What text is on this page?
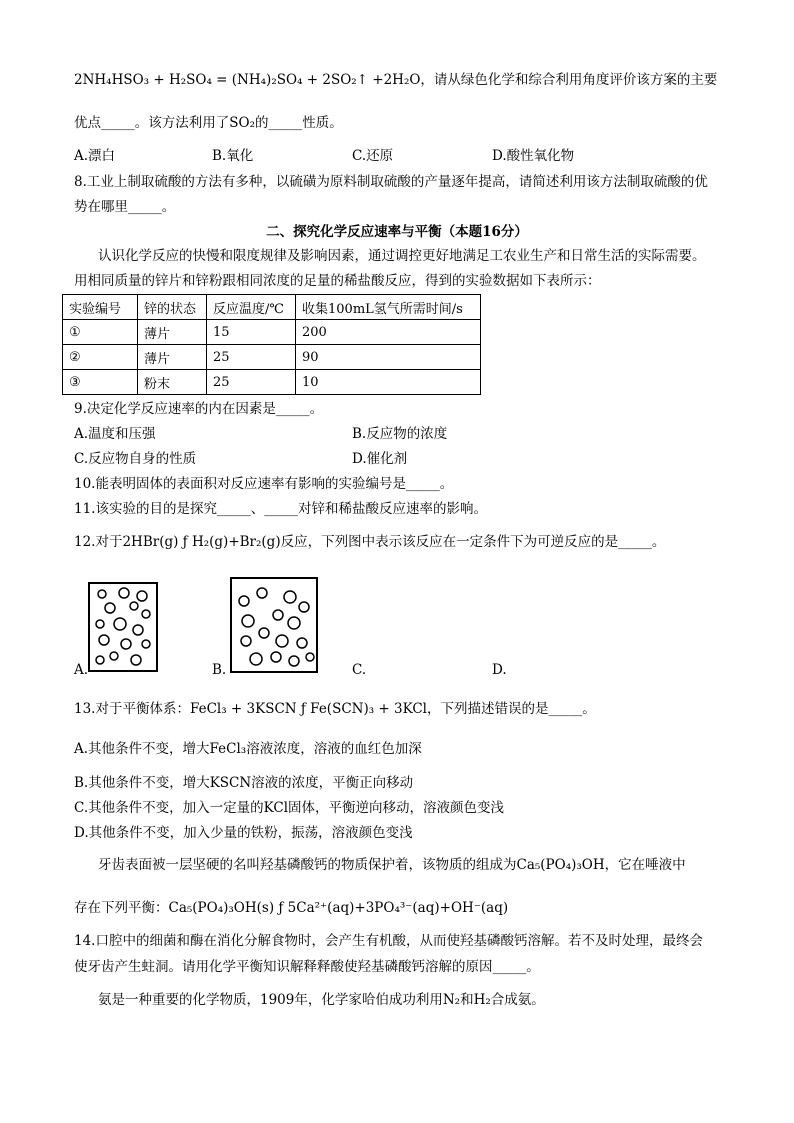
2NH₄HSO₃ + H₂SO₄ = (NH₄)₂SO₄ + 2SO₂↑ +2H₂O，请从绿色化学和综合利用角度评价该方案的主要
优点_____。该方法利用了SO₂的_____性质。
A.漂白	B.氧化	C.还原	D.酸性氧化物
8.工业上制取硫酸的方法有多种，以硫磺为原料制取硫酸的产量逐年提高，请简述利用该方法制取硫酸的优
势在哪里_____。
二、探究化学反应速率与平衡（本题16分）
认识化学反应的快慢和限度规律及影响因素，通过调控更好地满足工农业生产和日常生活的实际需要。
用相同质量的锌片和锌粉跟相同浓度的足量的稀盐酸反应，得到的实验数据如下表所示：
实验编号	锌的状态	反应温度/℃	收集100mL氢气所需时间/s
①	薄片	15	200
②	薄片	25	90
③	粉末	25	10
9.决定化学反应速率的内在因素是_____。
A.温度和压强	B.反应物的浓度
C.反应物自身的性质	D.催化剂
10.能表明固体的表面积对反应速率有影响的实验编号是_____。
11.该实验的目的是探究_____、_____对锌和稀盐酸反应速率的影响。
12.对于2HBr(g) ƒ H₂(g)+Br₂(g)反应，下列图中表示该反应在一定条件下为可逆反应的是_____。
A.	B.	C.	D.
13.对于平衡体系：FeCl₃ + 3KSCN ƒ Fe(SCN)₃ + 3KCl，下列描述错误的是_____。
A.其他条件不变，增大FeCl₃溶液浓度，溶液的血红色加深
B.其他条件不变，增大KSCN溶液的浓度，平衡正向移动
C.其他条件不变，加入一定量的KCl固体，平衡逆向移动，溶液颜色变浅
D.其他条件不变，加入少量的铁粉，振荡，溶液颜色变浅
牙齿表面被一层坚硬的名叫羟基磷酸钙的物质保护着，该物质的组成为Ca₅(PO₄)₃OH，它在唾液中
存在下列平衡：Ca₅(PO₄)₃OH(s) ƒ 5Ca²⁺(aq)+3PO₄³⁻(aq)+OH⁻(aq)
14.口腔中的细菌和酶在消化分解食物时，会产生有机酸，从而使羟基磷酸钙溶解。若不及时处理，最终会
使牙齿产生蛀洞。请用化学平衡知识解释释酸使羟基磷酸钙溶解的原因_____。
氨是一种重要的化学物质，1909年，化学家哈伯成功利用N₂和H₂合成氨。
